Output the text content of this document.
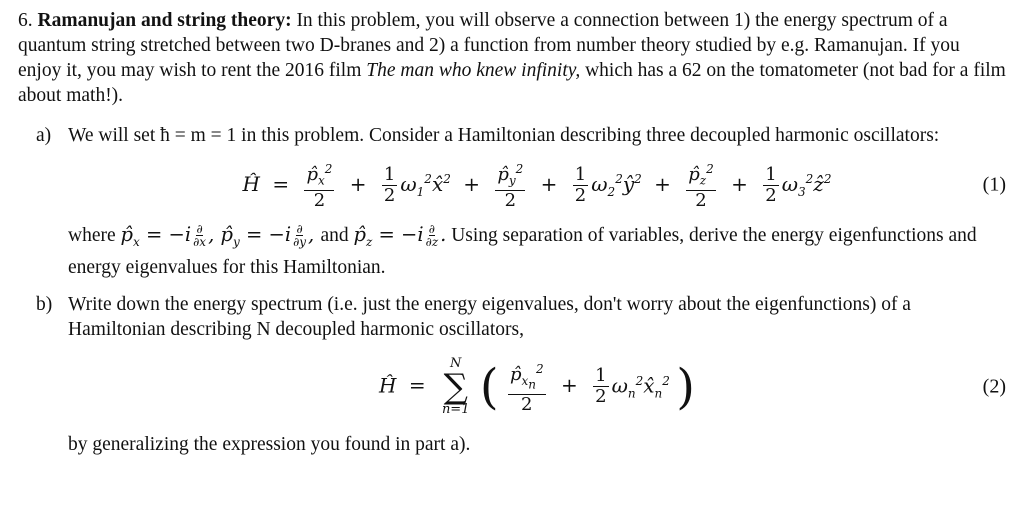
6. Ramanujan and string theory: In this problem, you will observe a connection between 1) the energy spectrum of a quantum string stretched between two D-branes and 2) a function from number theory studied by e.g. Ramanujan. If you enjoy it, you may wish to rent the 2016 film The man who knew infinity, which has a 62 on the tomatometer (not bad for a film about math!).

a) We will set ħ = m = 1 in this problem. Consider a Hamiltonian describing three decoupled harmonic oscillators:

Ĥ = $\frac{p̂_x^2}{2} + \frac{1}{2}$ $\omega_1^2x̂^2 + \frac{p̂_y^2}{2} + \frac{1}{2}$ $\omega_2^2ŷ^2 + \frac{p̂_z^2}{2} + \frac{1}{2}$ $\omega_3^2ẑ^2$	(1)

where $p̂_x = -i \frac{\partial}{\partial x}$ , $p̂_y = -i \frac{\partial}{\partial y}$ , and $p̂_z = -i \frac{\partial}{\partial z}$ . Using separation of variables, derive the energy eigenfunctions and energy eigenvalues for this Hamiltonian.

b) Write down the energy spectrum (i.e. just the energy eigenvalues, don't worry about the eigenfunctions) of a Hamiltonian describing N decoupled harmonic oscillators,

Ĥ =
N
∑
n=1 ( $\frac{p̂_{x_n}^2}{2} + \frac{1}{2}$ $\omega_n^2x̂_n^2$ )	(2)

by generalizing the expression you found in part a).
